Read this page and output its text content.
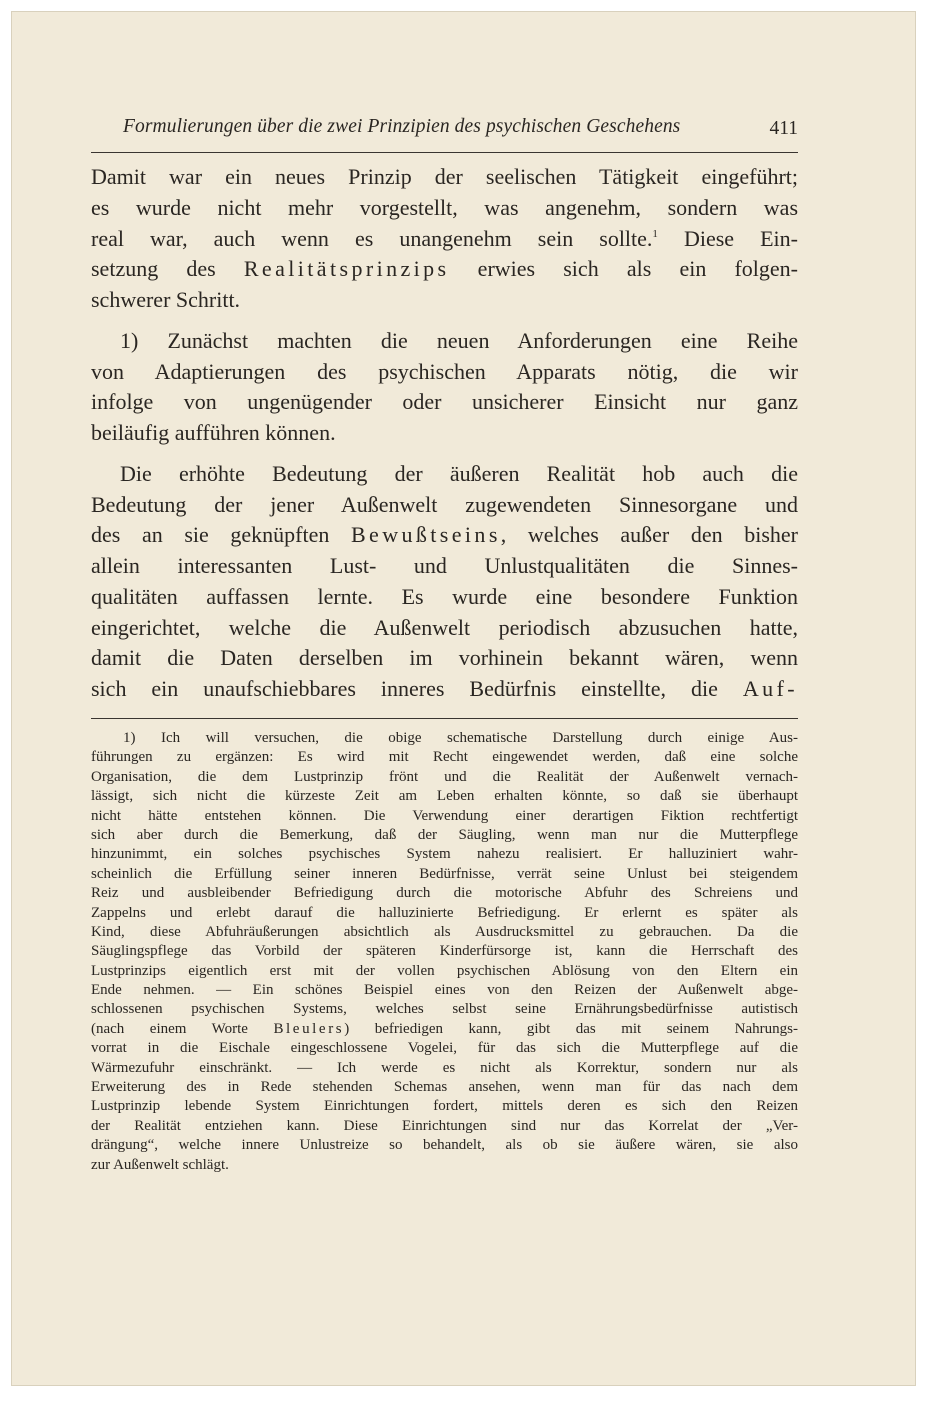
Formulierungen über die zwei Prinzipien des psychischen Geschehens	411
Damit war ein neues Prinzip der seelischen Tätigkeit eingeführt;
es wurde nicht mehr vorgestellt, was angenehm, sondern was
real war, auch wenn es unangenehm sein sollte.$^1$ Diese Ein-
setzung des Realitätsprinzips erwies sich als ein folgen-
schwerer Schritt.
1) Zunächst machten die neuen Anforderungen eine Reihe
von Adaptierungen des psychischen Apparats nötig, die wir
infolge von ungenügender oder unsicherer Einsicht nur ganz
beiläufig aufführen können.
Die erhöhte Bedeutung der äußeren Realität hob auch die
Bedeutung der jener Außenwelt zugewendeten Sinnesorgane und
des an sie geknüpften Bewußtseins, welches außer den bisher
allein interessanten Lust- und Unlustqualitäten die Sinnes-
qualitäten auffassen lernte. Es wurde eine besondere Funktion
eingerichtet, welche die Außenwelt periodisch abzusuchen hatte,
damit die Daten derselben im vorhinein bekannt wären, wenn
sich ein unaufschiebbares inneres Bedürfnis einstellte, die Auf-
1) Ich will versuchen, die obige schematische Darstellung durch einige Aus-
führungen zu ergänzen: Es wird mit Recht eingewendet werden, daß eine solche
Organisation, die dem Lustprinzip frönt und die Realität der Außenwelt vernach-
lässigt, sich nicht die kürzeste Zeit am Leben erhalten könnte, so daß sie überhaupt
nicht hätte entstehen können. Die Verwendung einer derartigen Fiktion rechtfertigt
sich aber durch die Bemerkung, daß der Säugling, wenn man nur die Mutterpflege
hinzunimmt, ein solches psychisches System nahezu realisiert. Er halluziniert wahr-
scheinlich die Erfüllung seiner inneren Bedürfnisse, verrät seine Unlust bei steigendem
Reiz und ausbleibender Befriedigung durch die motorische Abfuhr des Schreiens und
Zappelns und erlebt darauf die halluzinierte Befriedigung. Er erlernt es später als
Kind, diese Abfuhräußerungen absichtlich als Ausdrucksmittel zu gebrauchen. Da die
Säuglingspflege das Vorbild der späteren Kinderfürsorge ist, kann die Herrschaft des
Lustprinzips eigentlich erst mit der vollen psychischen Ablösung von den Eltern ein
Ende nehmen. — Ein schönes Beispiel eines von den Reizen der Außenwelt abge-
schlossenen psychischen Systems, welches selbst seine Ernährungsbedürfnisse autistisch
(nach einem Worte Bleulers) befriedigen kann, gibt das mit seinem Nahrungs-
vorrat in die Eischale eingeschlossene Vogelei, für das sich die Mutterpflege auf die
Wärmezufuhr einschränkt. — Ich werde es nicht als Korrektur, sondern nur als
Erweiterung des in Rede stehenden Schemas ansehen, wenn man für das nach dem
Lustprinzip lebende System Einrichtungen fordert, mittels deren es sich den Reizen
der Realität entziehen kann. Diese Einrichtungen sind nur das Korrelat der „Ver-
drängung“, welche innere Unlustreize so behandelt, als ob sie äußere wären, sie also
zur Außenwelt schlägt.
